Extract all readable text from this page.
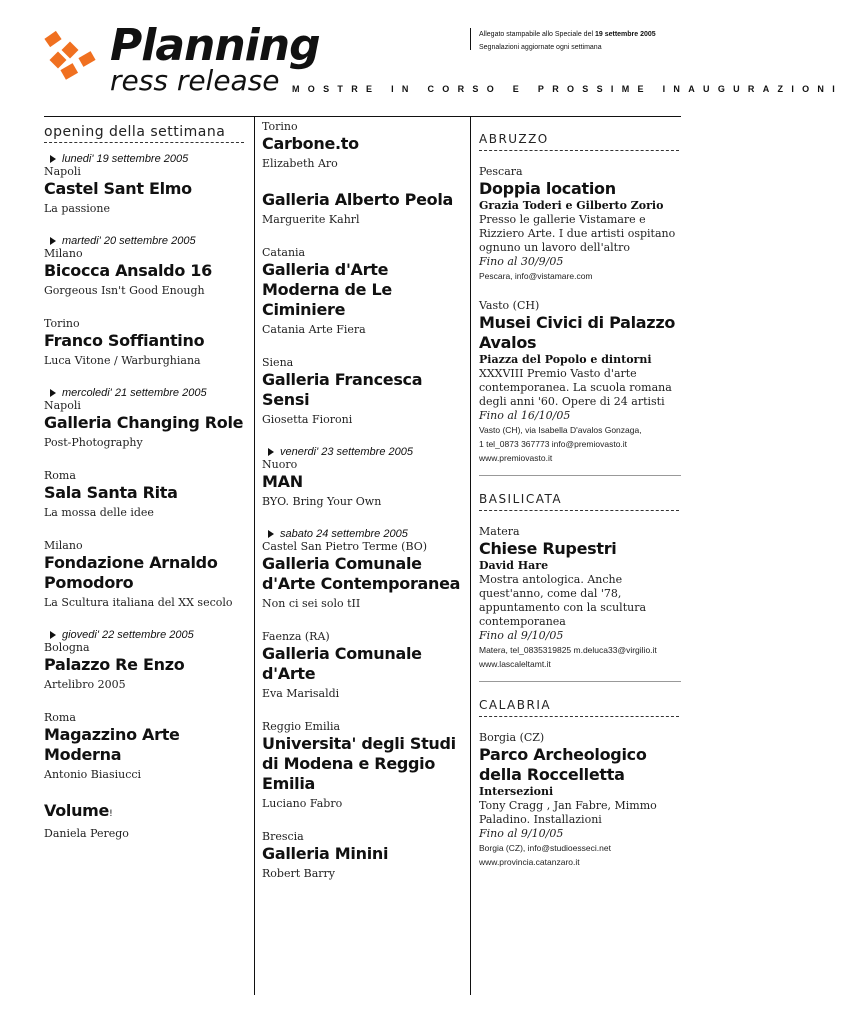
Planning
ress release
Allegato stampabile allo Speciale del 19 settembre 2005
Segnalazioni aggiornate ogni settimana
MOSTRE IN CORSO E PROSSIME INAUGURAZIONI
opening della settimana
lunedi' 19 settembre 2005
Napoli
Castel Sant Elmo
La passione
martedi' 20 settembre 2005
Milano
Bicocca Ansaldo 16
Gorgeous Isn't Good Enough
Torino
Franco Soffiantino
Luca Vitone / Warburghiana
mercoledi' 21 settembre 2005
Napoli
Galleria Changing Role
Post-Photography
Roma
Sala Santa Rita
La mossa delle idee
Milano
Fondazione Arnaldo Pomodoro
La Scultura italiana del XX secolo
giovedi' 22 settembre 2005
Bologna
Palazzo Re Enzo
Artelibro 2005
Roma
Magazzino Arte Moderna
Antonio Biasiucci
Volume!
Daniela Perego
Torino
Carbone.to
Elizabeth Aro
Galleria Alberto Peola
Marguerite Kahrl
Catania
Galleria d'Arte Moderna de Le Ciminiere
Catania Arte Fiera
Siena
Galleria Francesca Sensi
Giosetta Fioroni
venerdi' 23 settembre 2005
Nuoro
MAN
BYO. Bring Your Own
sabato 24 settembre 2005
Castel San Pietro Terme (BO)
Galleria Comunale d'Arte Contemporanea
Non ci sei solo tII
Faenza (RA)
Galleria Comunale d'Arte
Eva Marisaldi
Reggio Emilia
Universita' degli Studi di Modena e Reggio Emilia
Luciano Fabro
Brescia
Galleria Minini
Robert Barry
ABRUZZO
Pescara
Doppia location
Grazia Toderi e Gilberto Zorio
Presso le gallerie Vistamare e Rizziero Arte. I due artisti ospitano ognuno un lavoro dell'altro
Fino al 30/9/05
Pescara, info@vistamare.com
Vasto (CH)
Musei Civici di Palazzo Avalos
Piazza del Popolo e dintorni
XXXVIII Premio Vasto d'arte contemporanea. La scuola romana degli anni '60. Opere di 24 artisti
Fino al 16/10/05
Vasto (CH), via Isabella D'avalos Gonzaga,
1 tel_0873 367773 info@premiovasto.it
www.premiovasto.it
BASILICATA
Matera
Chiese Rupestri
David Hare
Mostra antologica. Anche quest'anno, come dal '78, appuntamento con la scultura contemporanea
Fino al 9/10/05
Matera, tel_0835319825 m.deluca33@virgilio.it
www.lascaleltamt.it
CALABRIA
Borgia (CZ)
Parco Archeologico della Roccelletta
Intersezioni
Tony Cragg , Jan Fabre, Mimmo Paladino. Installazioni
Fino al 9/10/05
Borgia (CZ), info@studioesseci.net
www.provincia.catanzaro.it
